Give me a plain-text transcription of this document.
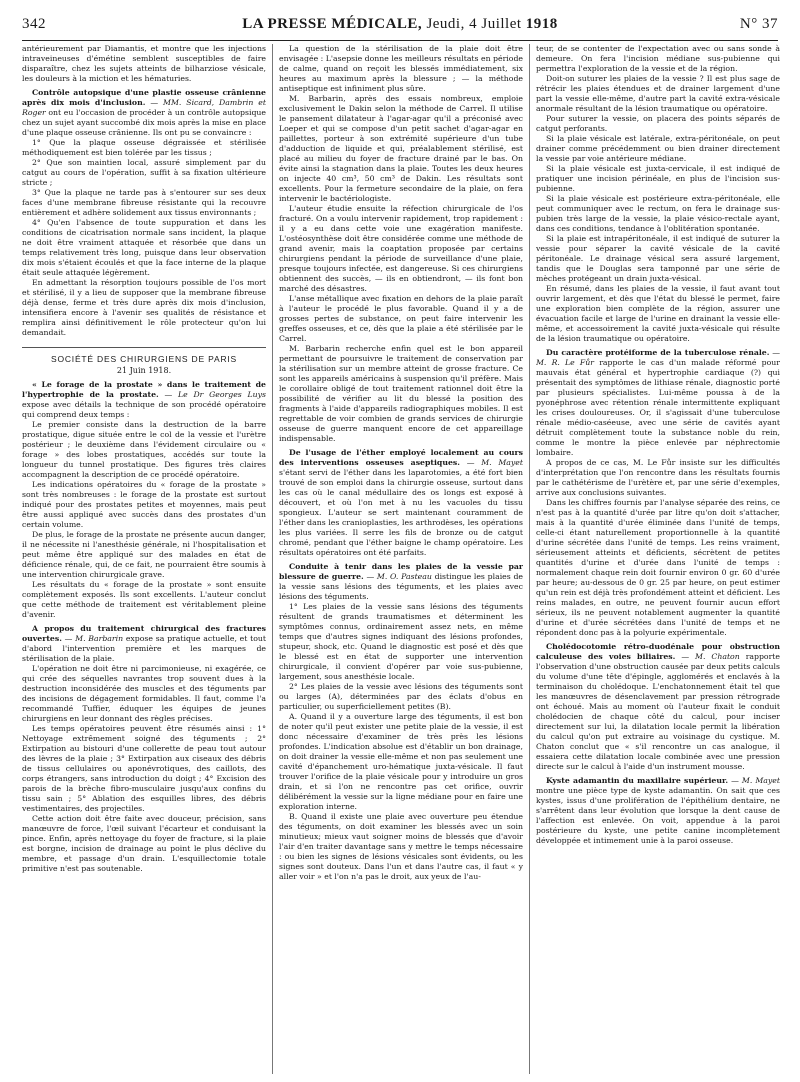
342	LA PRESSE MÉDICALE, Jeudi, 4 Juillet 1918	N° 37

antérieurement par Diamantis, et montre que les injections intraveineuses d'émétine semblent susceptibles de faire disparaître, chez les sujets atteints de bilharziose vésicale, les douleurs à la miction et les hématuries.

Contrôle autopsique d'une plastie osseuse crânienne après dix mois d'inclusion. — MM. Sicard, Dambrin et Roger ont eu l'occasion de procéder à un contrôle autopsique chez un sujet ayant succombé dix mois après la mise en place d'une plaque osseuse crânienne. Ils ont pu se convaincre :

1° Que la plaque osseuse dégraissée et stérilisée méthodiquement est bien tolérée par les tissus ;

2° Que son maintien local, assuré simplement par du catgut au cours de l'opération, suffit à sa fixation ultérieure stricte ;

3° Que la plaque ne tarde pas à s'entourer sur ses deux faces d'une membrane fibreuse résistante qui la recouvre entièrement et adhère solidement aux tissus environnants ;

4° Qu'en l'absence de toute suppuration et dans les conditions de cicatrisation normale sans incident, la plaque ne doit être vraiment attaquée et résorbée que dans un temps relativement très long, puisque dans leur observation dix mois s'étaient écoulés et que la face interne de la plaque était seule attaquée légèrement.

En admettant la résorption toujours possible de l'os mort et stérilisé, il y a lieu de supposer que la membrane fibreuse déjà dense, ferme et très dure après dix mois d'inclusion, intensifiera encore à l'avenir ses qualités de résistance et remplira ainsi définitivement le rôle protecteur qu'on lui demandait.

SOCIÉTÉ DES CHIRURGIENS DE PARIS
21 Juin 1918.

« Le forage de la prostate » dans le traitement de l'hypertrophie de la prostate. — Le Dr Georges Luys expose avec détails la technique de son procédé opératoire qui comprend deux temps :

Le premier consiste dans la destruction de la barre prostatique, digue située entre le col de la vessie et l'urètre postérieur ; le deuxième dans l'évidement circulaire ou « forage » des lobes prostatiques, accédés sur toute la longueur du tunnel prostatique. Des figures très claires accompagnent la description de ce procédé opératoire.

Les indications opératoires du « forage de la prostate » sont très nombreuses : le forage de la prostate est surtout indiqué pour des prostates petites et moyennes, mais peut être aussi appliqué avec succès dans des prostates d'un certain volume.

De plus, le forage de la prostate ne présente aucun danger, il ne nécessite ni l'anesthésie générale, ni l'hospitalisation et peut même être appliqué sur des malades en état de déficience rénale, qui, de ce fait, ne pourraient être soumis à une intervention chirurgicale grave.

Les résultats du « forage de la prostate » sont ensuite complètement exposés. Ils sont excellents. L'auteur conclut que cette méthode de traitement est véritablement pleine d'avenir.

A propos du traitement chirurgical des fractures ouvertes. — M. Barbarin expose sa pratique actuelle, et tout d'abord l'intervention première et les marques de stérilisation de la plaie.

L'opération ne doit être ni parcimonieuse, ni exagérée, ce qui crée des séquelles navrantes trop souvent dues à la destruction inconsidérée des muscles et des téguments par des incisions de dégagement formidables. Il faut, comme l'a recommandé Tuffier, éduquer les équipes de jeunes chirurgiens en leur donnant des règles précises.

Les temps opératoires peuvent être résumés ainsi : 1° Nettoyage extrêmement soigné des téguments ; 2° Extirpation au bistouri d'une collerette de peau tout autour des lèvres de la plaie ; 3° Extirpation aux ciseaux des débris de tissus cellulaires ou aponévrotiques, des caillots, des corps étrangers, sans introduction du doigt ; 4° Excision des parois de la brèche fibro-musculaire jusqu'aux confins du tissu sain ; 5° Ablation des esquilles libres, des débris vestimentaires, des projectiles.

Cette action doit être faite avec douceur, précision, sans manœuvre de force, l'œil suivant l'écarteur et conduisant la pince. Enfin, après nettoyage du foyer de fracture, si la plaie est borgne, incision de drainage au point le plus déclive du membre, et passage d'un drain. L'esquillectomie totale primitive n'est pas soutenable.

La question de la stérilisation de la plaie doit être envisagée : L'asepsie donne les meilleurs résultats en période de calme, quand on reçoit les blessés immédiatement, six heures au maximum après la blessure ; — la méthode antiseptique est infiniment plus sûre.

M. Barbarin, après des essais nombreux, emploie exclusivement le Dakin selon la méthode de Carrel. Il utilise le pansement dilatateur à l'agar-agar qu'il a préconisé avec Loeper et qui se compose d'un petit sachet d'agar-agar en paillettes, porteur à son extrémité supérieure d'un tube d'adduction de liquide et qui, préalablement stérilisé, est placé au milieu du foyer de fracture drainé par le bas. On évite ainsi la stagnation dans la plaie. Toutes les deux heures on injecte 40 cm³, 50 cm³ de Dakin. Les résultats sont excellents. Pour la fermeture secondaire de la plaie, on fera intervenir le bactériologiste.

L'auteur étudie ensuite la réfection chirurgicale de l'os fracturé. On a voulu intervenir rapidement, trop rapidement : il y a eu dans cette voie une exagération manifeste. L'ostéosynthèse doit être considérée comme une méthode de grand avenir, mais la coaptation proposée par certains chirurgiens pendant la période de surveillance d'une plaie, presque toujours infectée, est dangereuse. Si ces chirurgiens obtiennent des succès, — ils en obtiendront, — ils font bon marché des désastres.

L'anse métallique avec fixation en dehors de la plaie paraît à l'auteur le procédé le plus favorable. Quand il y a de grosses pertes de substance, on peut faire intervenir les greffes osseuses, et ce, dès que la plaie a été stérilisée par le Carrel.

M. Barbarin recherche enfin quel est le bon appareil permettant de poursuivre le traitement de conservation par la stérilisation sur un membre atteint de grosse fracture. Ce sont les appareils américains à suspension qu'il préfère. Mais le corollaire obligé de tout traitement rationnel doit être la possibilité de vérifier au lit du blessé la position des fragments à l'aide d'appareils radiographiques mobiles. Il est regrettable de voir combien de grands services de chirurgie osseuse de guerre manquent encore de cet appareillage indispensable.

De l'usage de l'éther employé localement au cours des interventions osseuses aseptiques. — M. Mayet s'étant servi de l'éther dans les laparotomies, a été fort bien trouvé de son emploi dans la chirurgie osseuse, surtout dans les cas où le canal médullaire des os longs est exposé à découvert, et où l'on met à nu les vacuoles du tissu spongieux. L'auteur se sert maintenant couramment de l'éther dans les cranioplasties, les arthrodèses, les opérations les plus variées. Il serre les fils de bronze ou de catgut chromé, pendant que l'éther baigne le champ opératoire. Les résultats opératoires ont été parfaits.

Conduite à tenir dans les plaies de la vessie par blessure de guerre. — M. O. Pasteau distingue les plaies de la vessie sans lésions des téguments, et les plaies avec lésions des téguments.

1° Les plaies de la vessie sans lésions des téguments résultent de grands traumatismes et déterminent les symptômes connus, ordinairement assez nets, en même temps que d'autres signes indiquant des lésions profondes, stupeur, shock, etc. Quand le diagnostic est posé et dès que le blessé est en état de supporter une intervention chirurgicale, il convient d'opérer par voie sus-pubienne, largement, sous anesthésie locale.

2° Les plaies de la vessie avec lésions des téguments sont ou larges (A), déterminées par des éclats d'obus en particulier, ou superficiellement petites (B).

A. Quand il y a ouverture large des téguments, il est bon de noter qu'il peut exister une petite plaie de la vessie, il est donc nécessaire d'examiner de très près les lésions profondes. L'indication absolue est d'établir un bon drainage, on doit drainer la vessie elle-même et non pas seulement une cavité d'épanchement uro-hématique juxta-vésicale. Il faut trouver l'orifice de la plaie vésicale pour y introduire un gros drain, et si l'on ne rencontre pas cet orifice, ouvrir délibérément la vessie sur la ligne médiane pour en faire une exploration interne.

B. Quand il existe une plaie avec ouverture peu étendue des téguments, on doit examiner les blessés avec un soin minutieux; mieux vaut soigner moins de blessés que d'avoir l'air d'en traiter davantage sans y mettre le temps nécessaire : ou bien les signes de lésions vésicales sont évidents, ou les signes sont douteux. Dans l'un et dans l'autre cas, il faut « y aller voir » et l'on n'a pas le droit, aux yeux de l'au-

teur, de se contenter de l'expectation avec ou sans sonde à demeure. On fera l'incision médiane sus-pubienne qui permettra l'exploration de la vessie et de la région.

Doit-on suturer les plaies de la vessie ? Il est plus sage de rétrécir les plaies étendues et de drainer largement d'une part la vessie elle-même, d'autre part la cavité extra-vésicale anormale résultant de la lésion traumatique ou opératoire.

Pour suturer la vessie, on placera des points séparés de catgut perforants.

Si la plaie vésicale est latérale, extra-péritonéale, on peut drainer comme précédemment ou bien drainer directement la vessie par voie antérieure médiane.

Si la plaie vésicale est juxta-cervicale, il est indiqué de pratiquer une incision périnéale, en plus de l'incision sus-pubienne.

Si la plaie vésicale est postérieure extra-péritonéale, elle peut communiquer avec le rectum, on fera le drainage sus-pubien très large de la vessie, la plaie vésico-rectale ayant, dans ces conditions, tendance à l'oblitération spontanée.

Si la plaie est intrapéritonéale, il est indiqué de suturer la vessie pour séparer la cavité vésicale de la cavité péritonéale. Le drainage vésical sera assuré largement, tandis que le Douglas sera tamponné par une série de mèches protégeant un drain juxta-vésical.

En résumé, dans les plaies de la vessie, il faut avant tout ouvrir largement, et dès que l'état du blessé le permet, faire une exploration bien complète de la région, assurer une évacuation facile et large de l'urine en drainant la vessie elle-même, et accessoirement la cavité juxta-vésicale qui résulte de la lésion traumatique ou opératoire.

Du caractère protéiforme de la tuberculose rénale. — M. R. Le Fůr rapporte le cas d'un malade réformé pour mauvais état général et hypertrophie cardiaque (?) qui présentait des symptômes de lithiase rénale, diagnostic porté par plusieurs spécialistes. Lui-même poussa à de la pyonéphrose avec rétention rénale intermittente expliquant les crises douloureuses. Or, il s'agissait d'une tuberculose rénale médio-caséeuse, avec une série de cavités ayant détruit complètement toute la substance noble du rein, comme le montre la pièce enlevée par néphrectomie lombaire.

A propos de ce cas, M. Le Fůr insiste sur les difficultés d'interprétation que l'on rencontre dans les résultats fournis par le cathétérisme de l'urètère et, par une série d'exemples, arrive aux conclusions suivantes.

Dans les chiffres fournis par l'analyse séparée des reins, ce n'est pas à la quantité d'urée par litre qu'on doit s'attacher, mais à la quantité d'urée éliminée dans l'unité de temps, celle-ci étant naturellement proportionnelle à la quantité d'urine sécrétée dans l'unité de temps. Les reins vraiment, sérieusement atteints et déficients, sécrètent de petites quantités d'urine et d'urée dans l'unité de temps : normalement chaque rein doit fournir environ 0 gr. 60 d'urée par heure; au-dessous de 0 gr. 25 par heure, on peut estimer qu'un rein est déjà très profondément atteint et déficient. Les reins malades, en outre, ne peuvent fournir aucun effort sérieux, ils ne peuvent notablement augmenter la quantité d'urine et d'urée sécrétées dans l'unité de temps et ne répondent donc pas à la polyurie expérimentale.

Cholédocotomie rétro-duodénale pour obstruction calculeuse des voies biliaires. — M. Chaton rapporte l'observation d'une obstruction causée par deux petits calculs du volume d'une tête d'épingle, agglomérés et enclavés à la terminaison du cholédoque. L'enchatonnement était tel que les manœuvres de désenclavement par pression rétrograde ont échoué. Mais au moment où l'auteur fixait le conduit cholédocien de chaque côté du calcul, pour inciser directement sur lui, la dilatation locale permit la libération du calcul qu'on put extraire au voisinage du cystique. M. Chaton conclut que « s'il rencontre un cas analogue, il essaiera cette dilatation locale combinée avec une pression directe sur le calcul à l'aide d'un instrument mousse.

Kyste adamantin du maxillaire supérieur. — M. Mayet montre une pièce type de kyste adamantin. On sait que ces kystes, issus d'une prolifération de l'épithélium dentaire, ne s'arrêtent dans leur évolution que lorsque la dent cause de l'affection est enlevée. On voit, appendue à la paroi postérieure du kyste, une petite canine incomplètement développée et intimement unie à la paroi osseuse.
